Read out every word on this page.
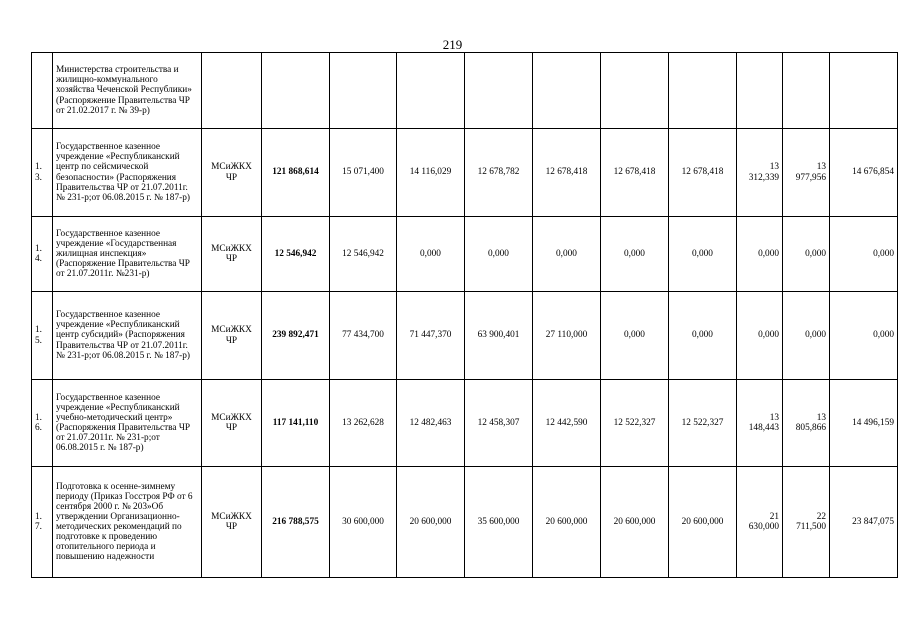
219
	Министерства строительства и жилищно-коммунального хозяйства Чеченской Республики» (Распоряжение Правительства ЧР от 21.02.2017 г. № 39-р)											
1. 3.	Государственное казенное учреждение «Республиканский центр по сейсмической безопасности» (Распоряжения Правительства ЧР от 21.07.2011г. № 231-р;от 06.08.2015 г. № 187-р)	МСиЖКХ ЧР	121 868,614	15 071,400	14 116,029	12 678,782	12 678,418	12 678,418	12 678,418	13 312,339	13 977,956	14 676,854
1. 4.	Государственное казенное учреждение «Государственная жилищная инспекция» (Распоряжение Правительства ЧР от 21.07.2011г. №231-р)	МСиЖКХ ЧР	12 546,942	12 546,942	0,000	0,000	0,000	0,000	0,000	0,000	0,000	0,000
1. 5.	Государственное казенное учреждение «Республиканский центр субсидий» (Распоряжения Правительства ЧР от 21.07.2011г. № 231-р;от 06.08.2015 г. № 187-р)	МСиЖКХ ЧР	239 892,471	77 434,700	71 447,370	63 900,401	27 110,000	0,000	0,000	0,000	0,000	0,000
1. 6.	Государственное казенное учреждение «Республиканский учебно-методический центр» (Распоряжения Правительства ЧР от 21.07.2011г. № 231-р;от 06.08.2015 г. № 187-р)	МСиЖКХ ЧР	117 141,110	13 262,628	12 482,463	12 458,307	12 442,590	12 522,327	12 522,327	13 148,443	13 805,866	14 496,159
1. 7.	Подготовка к осенне-зимнему периоду (Приказ Госстроя РФ от 6 сентября 2000 г. № 203»Об утверждении Организационно-методических рекомендаций по подготовке к проведению отопительного периода и повышению надежности	МСиЖКХ ЧР	216 788,575	30 600,000	20 600,000	35 600,000	20 600,000	20 600,000	20 600,000	21 630,000	22 711,500	23 847,075
